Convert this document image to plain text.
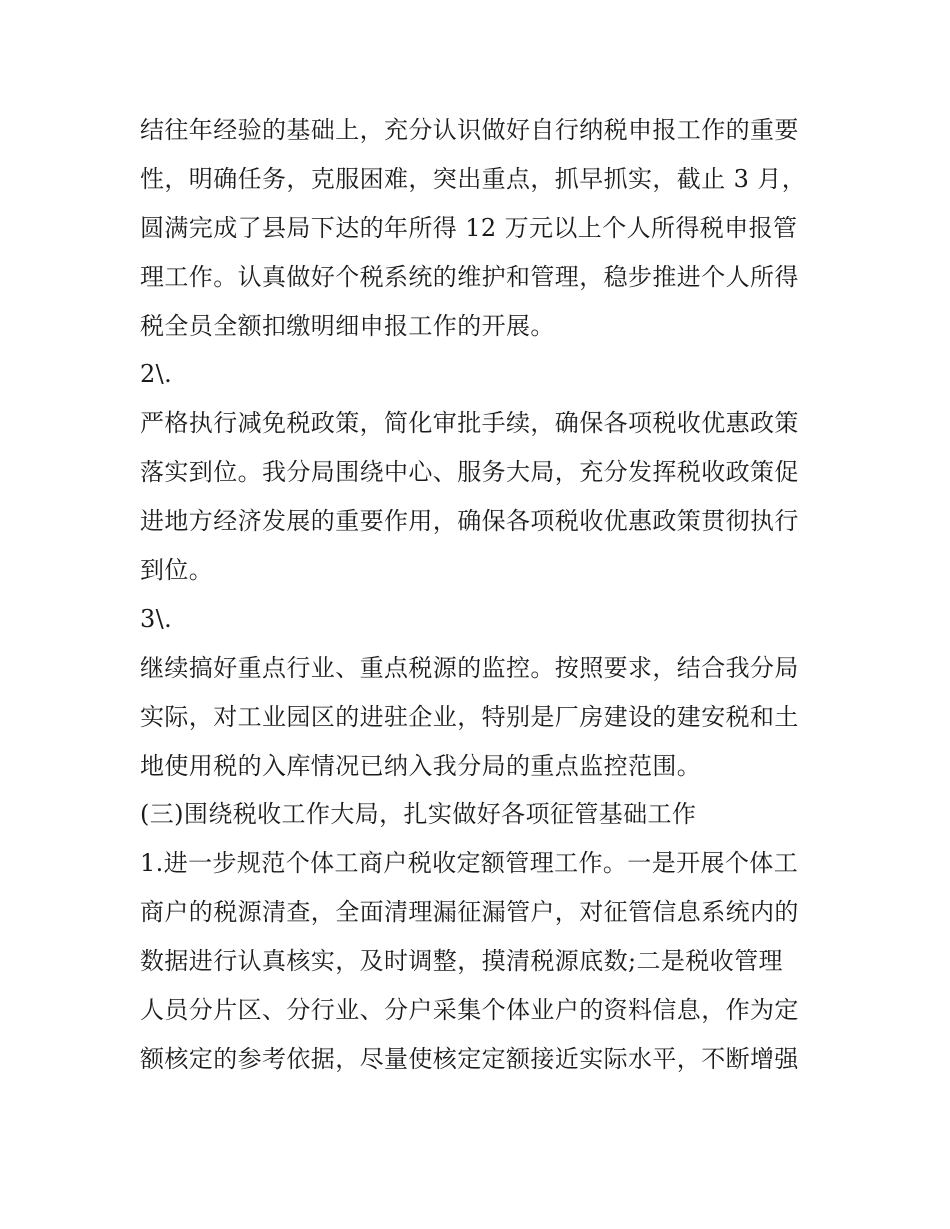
结往年经验的基础上，充分认识做好自行纳税申报工作的重要
性，明确任务，克服困难，突出重点，抓早抓实，截止 3 月，
圆满完成了县局下达的年所得 12 万元以上个人所得税申报管
理工作。认真做好个税系统的维护和管理，稳步推进个人所得
税全员全额扣缴明细申报工作的开展。
2\.
严格执行减免税政策，简化审批手续，确保各项税收优惠政策
落实到位。我分局围绕中心、服务大局，充分发挥税收政策促
进地方经济发展的重要作用，确保各项税收优惠政策贯彻执行
到位。
3\.
继续搞好重点行业、重点税源的监控。按照要求，结合我分局
实际，对工业园区的进驻企业，特别是厂房建设的建安税和土
地使用税的入库情况已纳入我分局的重点监控范围。
(三)围绕税收工作大局，扎实做好各项征管基础工作
1.进一步规范个体工商户税收定额管理工作。一是开展个体工
商户的税源清查，全面清理漏征漏管户，对征管信息系统内的
数据进行认真核实，及时调整，摸清税源底数;二是税收管理
人员分片区、分行业、分户采集个体业户的资料信息，作为定
额核定的参考依据，尽量使核定定额接近实际水平，不断增强
